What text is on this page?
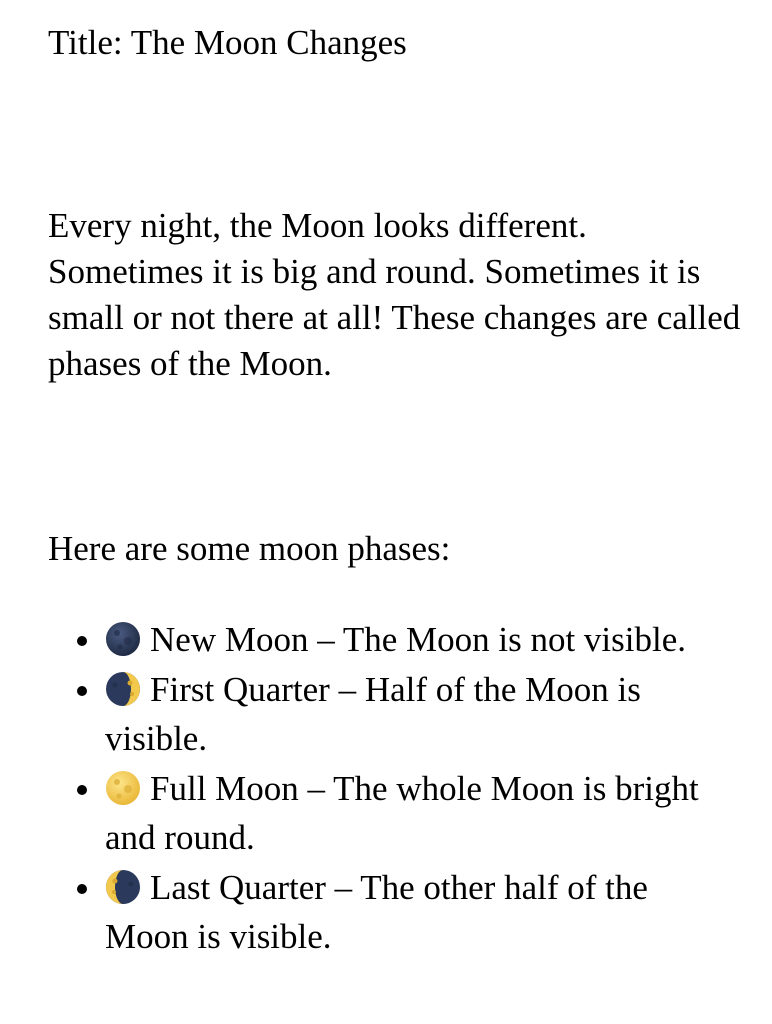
Title: The Moon Changes

Every night, the Moon looks different. Sometimes it is big and round. Sometimes it is small or not there at all! These changes are called phases of the Moon.

Here are some moon phases:

New Moon – The Moon is not visible.
First Quarter – Half of the Moon is visible.
Full Moon – The whole Moon is bright and round.
Last Quarter – The other half of the Moon is visible.
